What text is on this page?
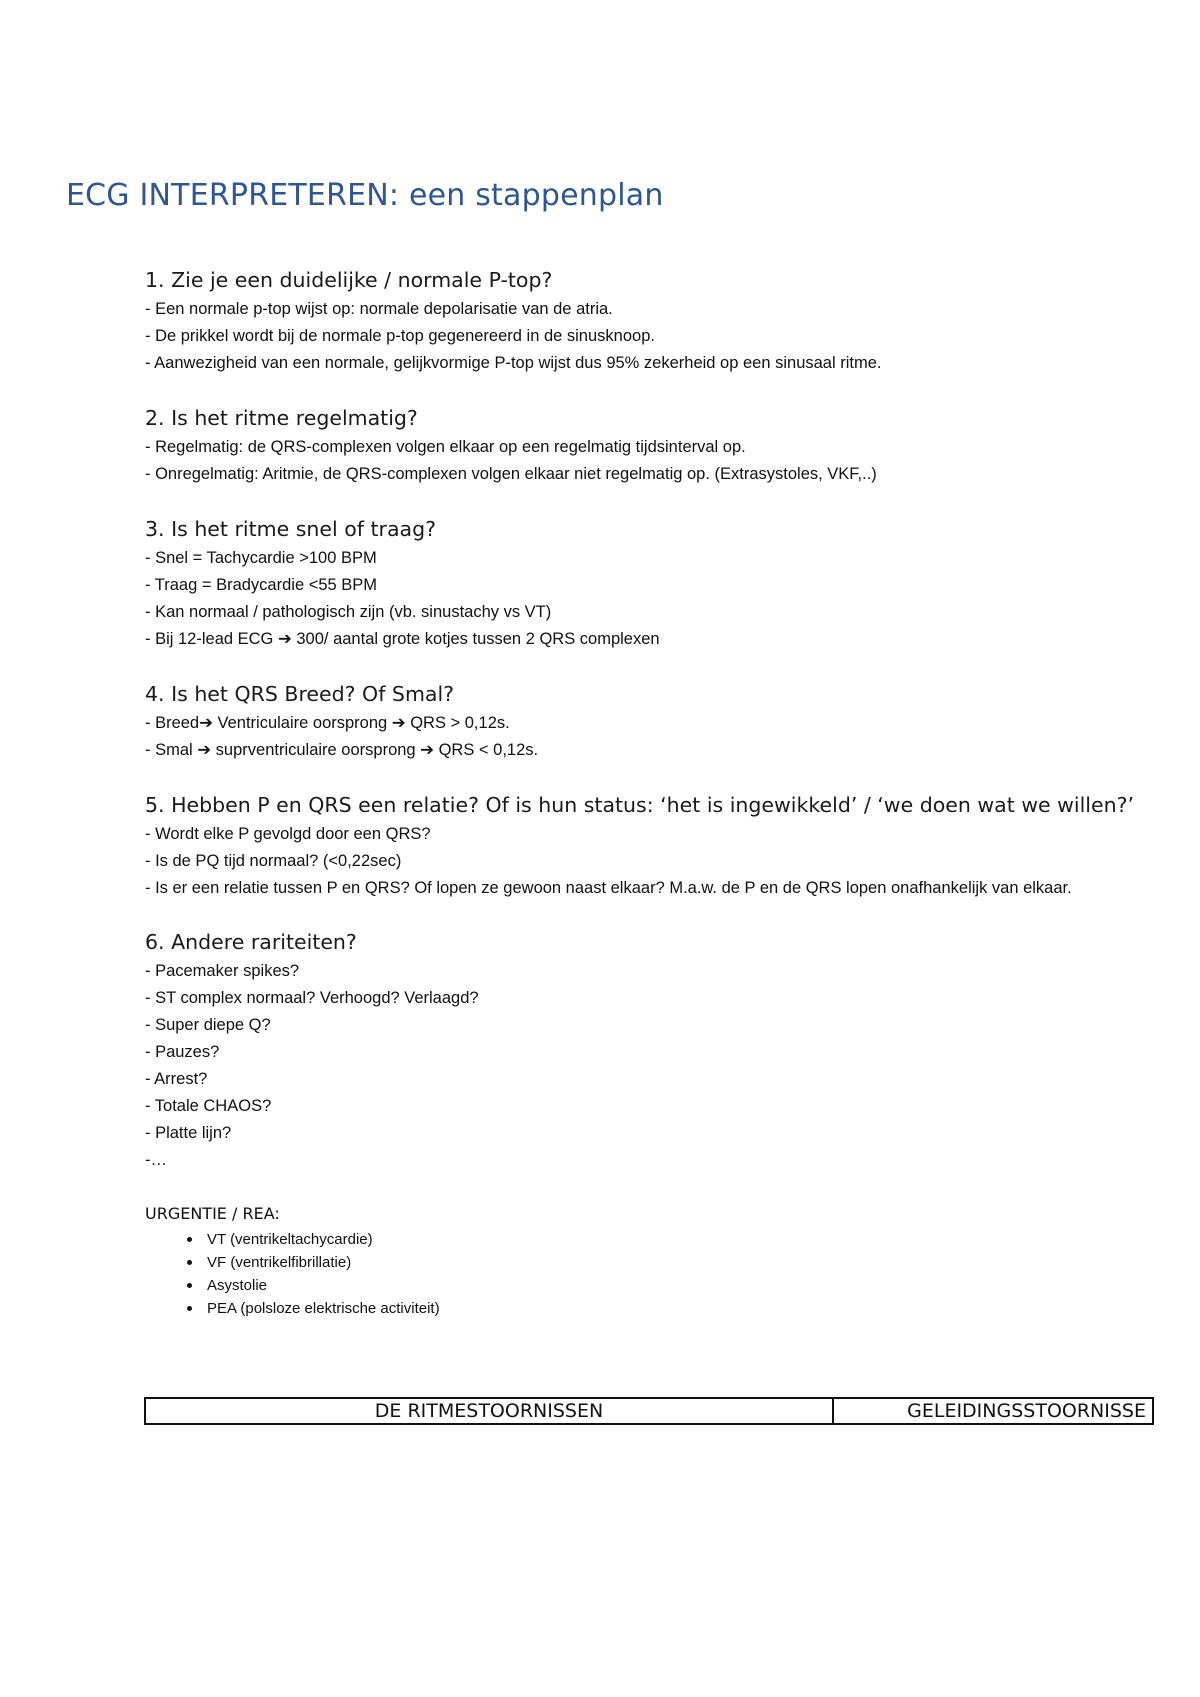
ECG INTERPRETEREN: een stappenplan
1. Zie je een duidelijke / normale P-top?
- Een normale p-top wijst op: normale depolarisatie van de atria.
- De prikkel wordt bij de normale p-top gegenereerd in de sinusknoop.
- Aanwezigheid van een normale, gelijkvormige P-top wijst dus 95% zekerheid op een sinusaal ritme.
2. Is het ritme regelmatig?
- Regelmatig: de QRS-complexen volgen elkaar op een regelmatig tijdsinterval op.
- Onregelmatig: Aritmie, de QRS-complexen volgen elkaar niet regelmatig op. (Extrasystoles, VKF,..)
3. Is het ritme snel of traag?
- Snel = Tachycardie >100 BPM
- Traag = Bradycardie <55 BPM
- Kan normaal / pathologisch zijn (vb. sinustachy vs VT)
- Bij 12-lead ECG ➔ 300/ aantal grote kotjes tussen 2 QRS complexen
4. Is het QRS Breed? Of Smal?
- Breed➔ Ventriculaire oorsprong ➔ QRS > 0,12s.
- Smal ➔ suprventriculaire oorsprong ➔ QRS < 0,12s.
5. Hebben P en QRS een relatie? Of is hun status: ‘het is ingewikkeld’ / ‘we doen wat we willen?’
- Wordt elke P gevolgd door een QRS?
- Is de PQ tijd normaal? (<0,22sec)
- Is er een relatie tussen P en QRS? Of lopen ze gewoon naast elkaar? M.a.w. de P en de QRS lopen onafhankelijk van elkaar.
6. Andere rariteiten?
- Pacemaker spikes?
- ST complex normaal? Verhoogd? Verlaagd?
- Super diepe Q?
- Pauzes?
- Arrest?
- Totale CHAOS?
- Platte lijn?
-…
URGENTIE / REA:
VT (ventrikeltachycardie)
VF (ventrikelfibrillatie)
Asystolie
PEA (polsloze elektrische activiteit)
DE RITMESTOORNISSEN	GELEIDINGSSTOORNISSE
